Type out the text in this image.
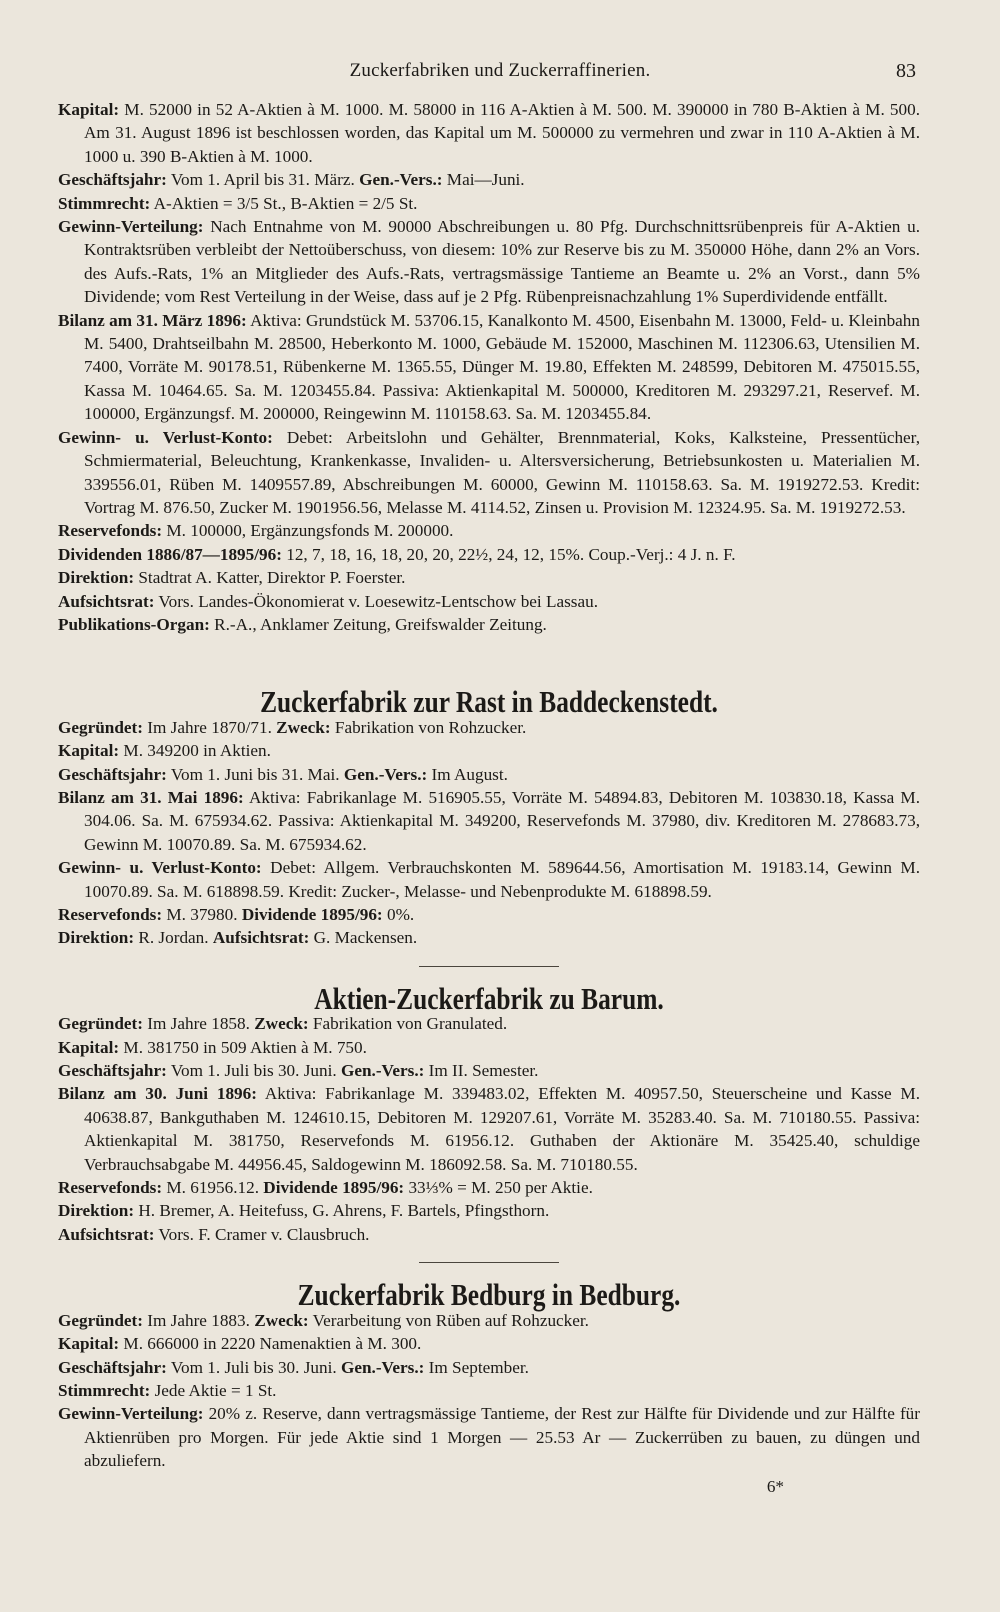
Zuckerfabriken und Zuckerraffinerien.	83

Kapital: M. 52000 in 52 A-Aktien à M. 1000. M. 58000 in 116 A-Aktien à M. 500. M. 390000 in 780 B-Aktien à M. 500. Am 31. August 1896 ist beschlossen worden, das Kapital um M. 500000 zu vermehren und zwar in 110 A-Aktien à M. 1000 u. 390 B-Aktien à M. 1000.

Geschäftsjahr: Vom 1. April bis 31. März. Gen.-Vers.: Mai—Juni.

Stimmrecht: A-Aktien = 3/5 St., B-Aktien = 2/5 St.

Gewinn-Verteilung: Nach Entnahme von M. 90000 Abschreibungen u. 80 Pfg. Durchschnittsrübenpreis für A-Aktien u. Kontraktsrüben verbleibt der Nettoüberschuss, von diesem: 10% zur Reserve bis zu M. 350000 Höhe, dann 2% an Vors. des Aufs.-Rats, 1% an Mitglieder des Aufs.-Rats, vertragsmässige Tantieme an Beamte u. 2% an Vorst., dann 5% Dividende; vom Rest Verteilung in der Weise, dass auf je 2 Pfg. Rübenpreisnachzahlung 1% Superdividende entfällt.

Bilanz am 31. März 1896: Aktiva: Grundstück M. 53706.15, Kanalkonto M. 4500, Eisenbahn M. 13000, Feld- u. Kleinbahn M. 5400, Drahtseilbahn M. 28500, Heberkonto M. 1000, Gebäude M. 152000, Maschinen M. 112306.63, Utensilien M. 7400, Vorräte M. 90178.51, Rübenkerne M. 1365.55, Dünger M. 19.80, Effekten M. 248599, Debitoren M. 475015.55, Kassa M. 10464.65. Sa. M. 1203455.84. Passiva: Aktienkapital M. 500000, Kreditoren M. 293297.21, Reservef. M. 100000, Ergänzungsf. M. 200000, Reingewinn M. 110158.63. Sa. M. 1203455.84.

Gewinn- u. Verlust-Konto: Debet: Arbeitslohn und Gehälter, Brennmaterial, Koks, Kalksteine, Pressentücher, Schmiermaterial, Beleuchtung, Krankenkasse, Invaliden- u. Altersversicherung, Betriebsunkosten u. Materialien M. 339556.01, Rüben M. 1409557.89, Abschreibungen M. 60000, Gewinn M. 110158.63. Sa. M. 1919272.53. Kredit: Vortrag M. 876.50, Zucker M. 1901956.56, Melasse M. 4114.52, Zinsen u. Provision M. 12324.95. Sa. M. 1919272.53.

Reservefonds: M. 100000, Ergänzungsfonds M. 200000.

Dividenden 1886/87—1895/96: 12, 7, 18, 16, 18, 20, 20, 22½, 24, 12, 15%. Coup.-Verj.: 4 J. n. F.

Direktion: Stadtrat A. Katter, Direktor P. Foerster.

Aufsichtsrat: Vors. Landes-Ökonomierat v. Loesewitz-Lentschow bei Lassau.

Publikations-Organ: R.-A., Anklamer Zeitung, Greifswalder Zeitung.

Zuckerfabrik zur Rast in Baddeckenstedt.

Gegründet: Im Jahre 1870/71. Zweck: Fabrikation von Rohzucker.

Kapital: M. 349200 in Aktien.

Geschäftsjahr: Vom 1. Juni bis 31. Mai. Gen.-Vers.: Im August.

Bilanz am 31. Mai 1896: Aktiva: Fabrikanlage M. 516905.55, Vorräte M. 54894.83, Debitoren M. 103830.18, Kassa M. 304.06. Sa. M. 675934.62. Passiva: Aktienkapital M. 349200, Reservefonds M. 37980, div. Kreditoren M. 278683.73, Gewinn M. 10070.89. Sa. M. 675934.62.

Gewinn- u. Verlust-Konto: Debet: Allgem. Verbrauchskonten M. 589644.56, Amortisation M. 19183.14, Gewinn M. 10070.89. Sa. M. 618898.59. Kredit: Zucker-, Melasse- und Nebenprodukte M. 618898.59.

Reservefonds: M. 37980. Dividende 1895/96: 0%.

Direktion: R. Jordan. Aufsichtsrat: G. Mackensen.

Aktien-Zuckerfabrik zu Barum.

Gegründet: Im Jahre 1858. Zweck: Fabrikation von Granulated.

Kapital: M. 381750 in 509 Aktien à M. 750.

Geschäftsjahr: Vom 1. Juli bis 30. Juni. Gen.-Vers.: Im II. Semester.

Bilanz am 30. Juni 1896: Aktiva: Fabrikanlage M. 339483.02, Effekten M. 40957.50, Steuerscheine und Kasse M. 40638.87, Bankguthaben M. 124610.15, Debitoren M. 129207.61, Vorräte M. 35283.40. Sa. M. 710180.55. Passiva: Aktienkapital M. 381750, Reservefonds M. 61956.12. Guthaben der Aktionäre M. 35425.40, schuldige Verbrauchsabgabe M. 44956.45, Saldogewinn M. 186092.58. Sa. M. 710180.55.

Reservefonds: M. 61956.12. Dividende 1895/96: 33⅓% = M. 250 per Aktie.

Direktion: H. Bremer, A. Heitefuss, G. Ahrens, F. Bartels, Pfingsthorn.

Aufsichtsrat: Vors. F. Cramer v. Clausbruch.

Zuckerfabrik Bedburg in Bedburg.

Gegründet: Im Jahre 1883. Zweck: Verarbeitung von Rüben auf Rohzucker.

Kapital: M. 666000 in 2220 Namenaktien à M. 300.

Geschäftsjahr: Vom 1. Juli bis 30. Juni. Gen.-Vers.: Im September.

Stimmrecht: Jede Aktie = 1 St.

Gewinn-Verteilung: 20% z. Reserve, dann vertragsmässige Tantieme, der Rest zur Hälfte für Dividende und zur Hälfte für Aktienrüben pro Morgen. Für jede Aktie sind 1 Morgen — 25.53 Ar — Zuckerrüben zu bauen, zu düngen und abzuliefern.

6*
